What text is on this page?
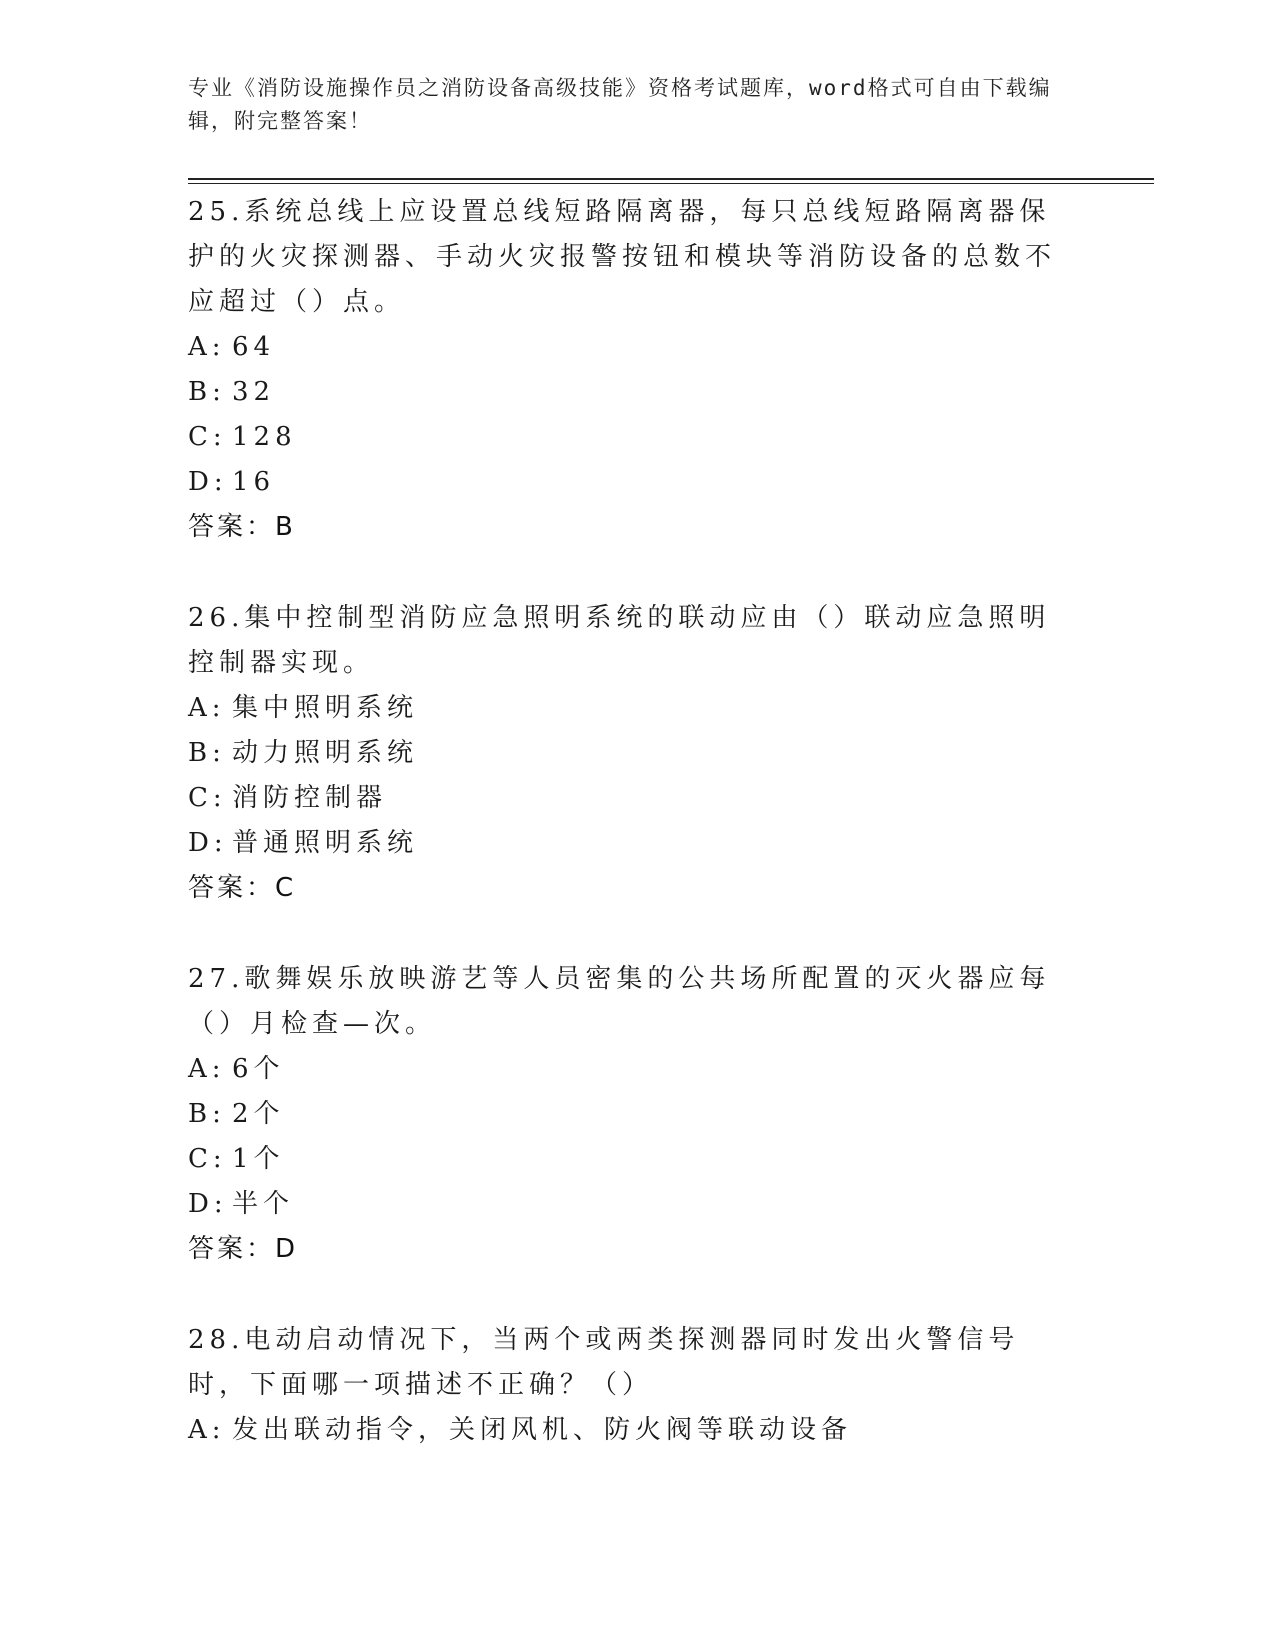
专业《消防设施操作员之消防设备高级技能》资格考试题库，word格式可自由下载编辑，附完整答案！

25.系统总线上应设置总线短路隔离器，每只总线短路隔离器保护的火灾探测器、手动火灾报警按钮和模块等消防设备的总数不应超过（）点。

A: 64

B: 32

C: 128

D: 16

答案：B

26.集中控制型消防应急照明系统的联动应由（）联动应急照明控制器实现。

A: 集中照明系统

B: 动力照明系统

C: 消防控制器

D: 普通照明系统

答案：C

27.歌舞娱乐放映游艺等人员密集的公共场所配置的灭火器应每（）月检查—次。

A: 6个

B: 2个

C: 1个

D: 半个

答案：D

28.电动启动情况下，当两个或两类探测器同时发出火警信号时，下面哪一项描述不正确？（）

A: 发出联动指令，关闭风机、防火阀等联动设备
